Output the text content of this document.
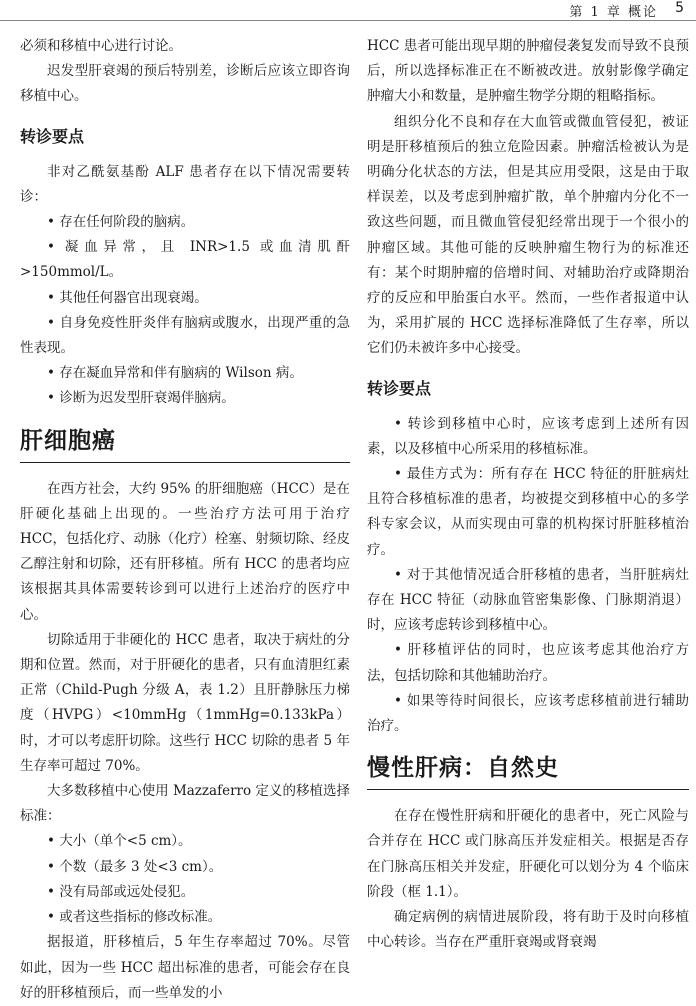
第 1 章 概论 5

必须和移植中心进行讨论。

迟发型肝衰竭的预后特别差，诊断后应该立即咨询移植中心。

转诊要点

非对乙酰氨基酚 ALF 患者存在以下情况需要转诊：

• 存在任何阶段的脑病。

• 凝血异常，且 INR>1.5 或血清肌酐>150mmol/L。

• 其他任何器官出现衰竭。

• 自身免疫性肝炎伴有脑病或腹水，出现严重的急性表现。

• 存在凝血异常和伴有脑病的 Wilson 病。

• 诊断为迟发型肝衰竭伴脑病。

肝细胞癌

在西方社会，大约 95% 的肝细胞癌（HCC）是在肝硬化基础上出现的。一些治疗方法可用于治疗 HCC，包括化疗、动脉（化疗）栓塞、射频切除、经皮乙醇注射和切除，还有肝移植。所有 HCC 的患者均应该根据其具体需要转诊到可以进行上述治疗的医疗中心。

切除适用于非硬化的 HCC 患者，取决于病灶的分期和位置。然而，对于肝硬化的患者，只有血清胆红素正常（Child-Pugh 分级 A，表 1.2）且肝静脉压力梯度（HVPG）<10mmHg（1mmHg=0.133kPa）时，才可以考虑肝切除。这些行 HCC 切除的患者 5 年生存率可超过 70%。

大多数移植中心使用 Mazzaferro 定义的移植选择标准：

• 大小（单个<5 cm）。

• 个数（最多 3 处<3 cm）。

• 没有局部或远处侵犯。

• 或者这些指标的修改标准。

据报道，肝移植后，5 年生存率超过 70%。尽管如此，因为一些 HCC 超出标准的患者，可能会存在良好的肝移植预后，而一些单发的小

HCC 患者可能出现早期的肿瘤侵袭复发而导致不良预后，所以选择标准正在不断被改进。放射影像学确定肿瘤大小和数量，是肿瘤生物学分期的粗略指标。

组织分化不良和存在大血管或微血管侵犯，被证明是肝移植预后的独立危险因素。肿瘤活检被认为是明确分化状态的方法，但是其应用受限，这是由于取样误差，以及考虑到肿瘤扩散，单个肿瘤内分化不一致这些问题，而且微血管侵犯经常出现于一个很小的肿瘤区域。其他可能的反映肿瘤生物行为的标准还有：某个时期肿瘤的倍增时间、对辅助治疗或降期治疗的反应和甲胎蛋白水平。然而，一些作者报道中认为，采用扩展的 HCC 选择标准降低了生存率，所以它们仍未被许多中心接受。

转诊要点

• 转诊到移植中心时，应该考虑到上述所有因素，以及移植中心所采用的移植标准。

• 最佳方式为：所有存在 HCC 特征的肝脏病灶且符合移植标准的患者，均被提交到移植中心的多学科专家会议，从而实现由可靠的机构探讨肝脏移植治疗。

• 对于其他情况适合肝移植的患者，当肝脏病灶存在 HCC 特征（动脉血管密集影像、门脉期消退）时，应该考虑转诊到移植中心。

• 肝移植评估的同时，也应该考虑其他治疗方法，包括切除和其他辅助治疗。

• 如果等待时间很长，应该考虑移植前进行辅助治疗。

慢性肝病：自然史

在存在慢性肝病和肝硬化的患者中，死亡风险与合并存在 HCC 或门脉高压并发症相关。根据是否存在门脉高压相关并发症，肝硬化可以划分为 4 个临床阶段（框 1.1）。

确定病例的病情进展阶段，将有助于及时向移植中心转诊。当存在严重肝衰竭或肾衰竭
